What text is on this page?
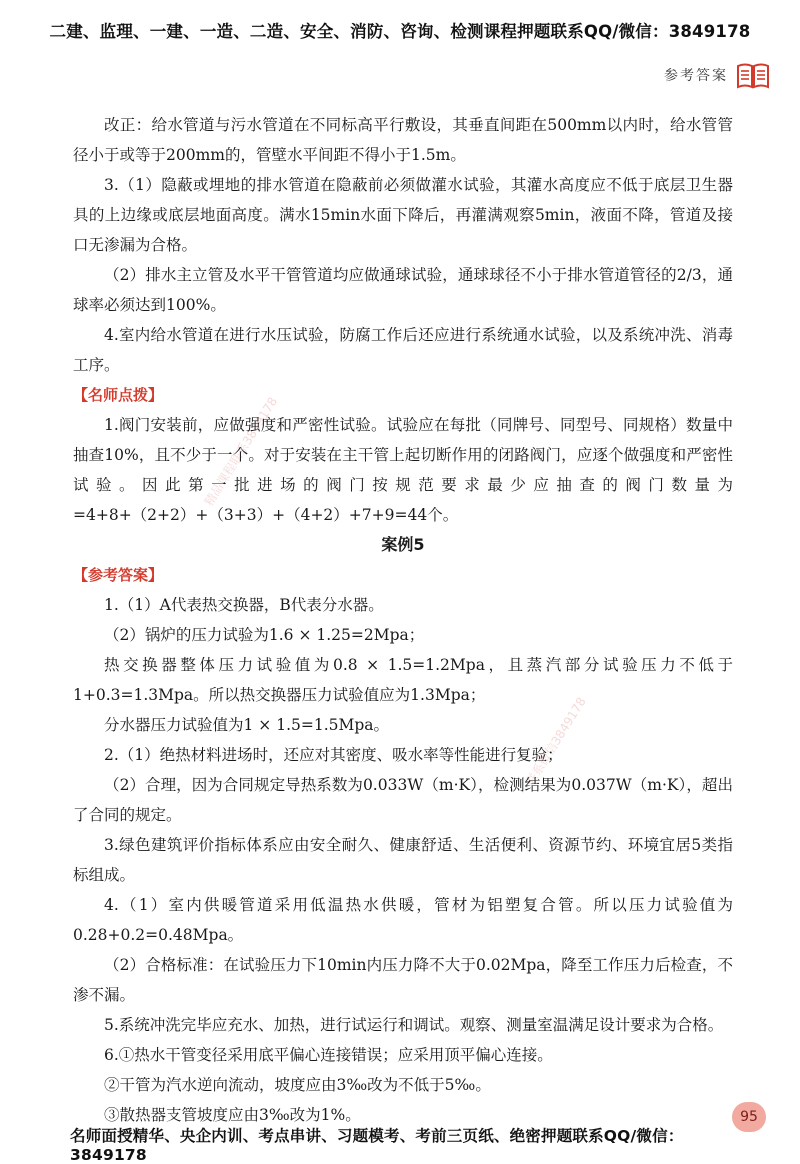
二建、监理、一建、一造、二造、安全、消防、咨询、检测课程押题联系QQ/微信：3849178
参考答案
精品课程联系3849178
一联系微信3849178

改正：给水管道与污水管道在不同标高平行敷设，其垂直间距在500mm以内时，给水管管径小于或等于200mm的，管壁水平间距不得小于1.5m。

3.（1）隐蔽或埋地的排水管道在隐蔽前必须做灌水试验，其灌水高度应不低于底层卫生器具的上边缘或底层地面高度。满水15min水面下降后，再灌满观察5min，液面不降，管道及接口无渗漏为合格。

（2）排水主立管及水平干管管道均应做通球试验，通球球径不小于排水管道管径的2/3，通球率必须达到100%。

4.室内给水管道在进行水压试验，防腐工作后还应进行系统通水试验，以及系统冲洗、消毒工序。

【名师点拨】

1.阀门安装前，应做强度和严密性试验。试验应在每批（同牌号、同型号、同规格）数量中抽查10%，且不少于一个。对于安装在主干管上起切断作用的闭路阀门，应逐个做强度和严密性试验。因此第一批进场的阀门按规范要求最少应抽查的阀门数量为=4+8+（2+2）+（3+3）+（4+2）+7+9=44个。

案例5

【参考答案】

1.（1）A代表热交换器，B代表分水器。

（2）锅炉的压力试验为1.6 × 1.25=2Mpa；

热交换器整体压力试验值为0.8 × 1.5=1.2Mpa，且蒸汽部分试验压力不低于1+0.3=1.3Mpa。所以热交换器压力试验值应为1.3Mpa；

分水器压力试验值为1 × 1.5=1.5Mpa。

2.（1）绝热材料进场时，还应对其密度、吸水率等性能进行复验；

（2）合理，因为合同规定导热系数为0.033W（m·K），检测结果为0.037W（m·K），超出了合同的规定。

3.绿色建筑评价指标体系应由安全耐久、健康舒适、生活便利、资源节约、环境宜居5类指标组成。

4.（1）室内供暖管道采用低温热水供暖，管材为铝塑复合管。所以压力试验值为0.28+0.2=0.48Mpa。

（2）合格标准：在试验压力下10min内压力降不大于0.02Mpa，降至工作压力后检查，不渗不漏。

5.系统冲洗完毕应充水、加热，进行试运行和调试。观察、测量室温满足设计要求为合格。

6.①热水干管变径采用底平偏心连接错误；应采用顶平偏心连接。

②干管为汽水逆向流动，坡度应由3‰改为不低于5‰。

③散热器支管坡度应由3‰改为1%。	95
名师面授精华、央企内训、考点串讲、习题模考、考前三页纸、绝密押题联系QQ/微信：3849178
